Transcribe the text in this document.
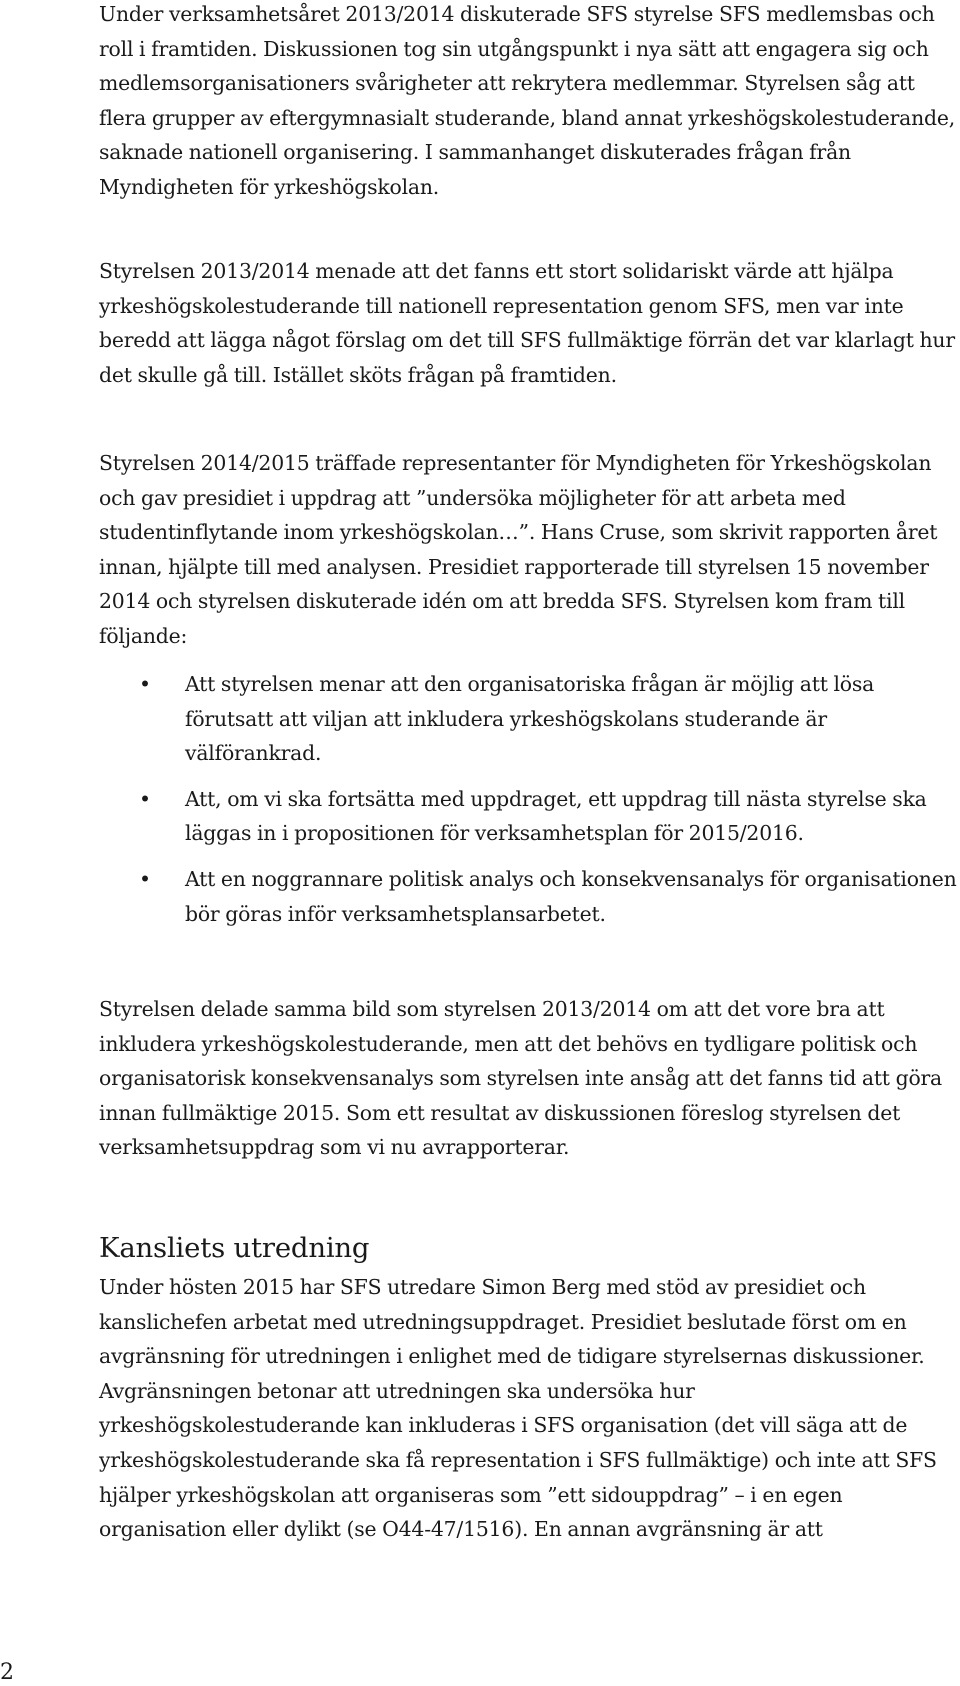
Under verksamhetsåret 2013/2014 diskuterade SFS styrelse SFS medlemsbas och roll i framtiden. Diskussionen tog sin utgångspunkt i nya sätt att engagera sig och medlemsorganisationers svårigheter att rekrytera medlemmar. Styrelsen såg att flera grupper av eftergymnasialt studerande, bland annat yrkeshögskolestuderande, saknade nationell organisering. I sammanhanget diskuterades frågan från Myndigheten för yrkeshögskolan.

Styrelsen 2013/2014 menade att det fanns ett stort solidariskt värde att hjälpa yrkeshögskolestuderande till nationell representation genom SFS, men var inte beredd att lägga något förslag om det till SFS fullmäktige förrän det var klarlagt hur det skulle gå till. Istället sköts frågan på framtiden.

Styrelsen 2014/2015 träffade representanter för Myndigheten för Yrkeshögskolan och gav presidiet i uppdrag att ”undersöka möjligheter för att arbeta med studentinflytande inom yrkeshögskolan…”. Hans Cruse, som skrivit rapporten året innan, hjälpte till med analysen. Presidiet rapporterade till styrelsen 15 november 2014 och styrelsen diskuterade idén om att bredda SFS. Styrelsen kom fram till följande:

• Att styrelsen menar att den organisatoriska frågan är möjlig att lösa förutsatt att viljan att inkludera yrkeshögskolans studerande är välförankrad.
• Att, om vi ska fortsätta med uppdraget, ett uppdrag till nästa styrelse ska läggas in i propositionen för verksamhetsplan för 2015/2016.
• Att en noggrannare politisk analys och konsekvensanalys för organisationen bör göras inför verksamhetsplansarbetet.

Styrelsen delade samma bild som styrelsen 2013/2014 om att det vore bra att inkludera yrkeshögskolestuderande, men att det behövs en tydligare politisk och organisatorisk konsekvensanalys som styrelsen inte ansåg att det fanns tid att göra innan fullmäktige 2015. Som ett resultat av diskussionen föreslog styrelsen det verksamhetsuppdrag som vi nu avrapporterar.

Kansliets utredning

Under hösten 2015 har SFS utredare Simon Berg med stöd av presidiet och kanslichefen arbetat med utredningsuppdraget. Presidiet beslutade först om en avgränsning för utredningen i enlighet med de tidigare styrelsernas diskussioner. Avgränsningen betonar att utredningen ska undersöka hur yrkeshögskolestuderande kan inkluderas i SFS organisation (det vill säga att de yrkeshögskolestuderande ska få representation i SFS fullmäktige) och inte att SFS hjälper yrkeshögskolan att organiseras som ”ett sidouppdrag” – i en egen organisation eller dylikt (se O44-47/1516). En annan avgränsning är att

2
